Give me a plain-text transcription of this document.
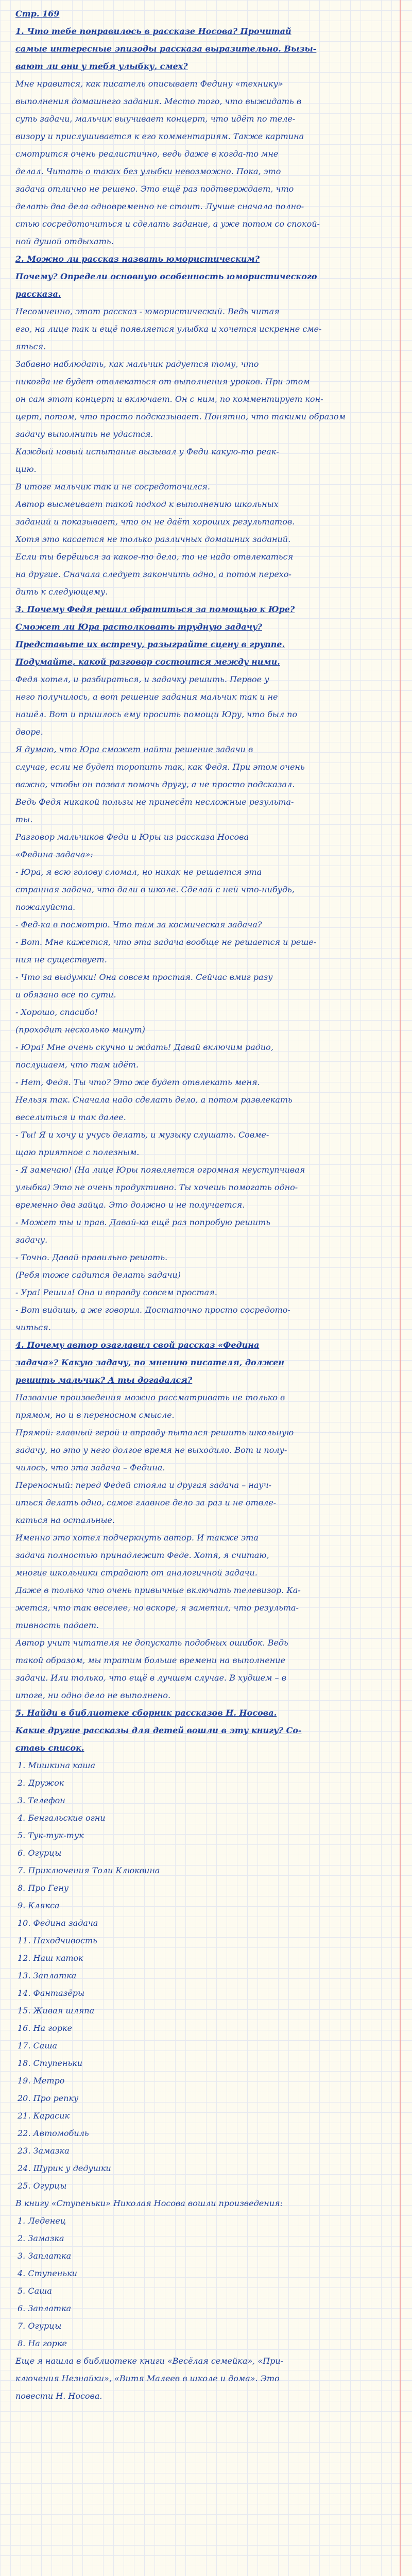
Стр. 169
1. Что тебе понравилось в рассказе Носова? Прочитай
самые интересные эпизоды рассказа выразительно. Вызы-
вают ли они у тебя улыбку, смех?
Мне нравится, как писатель описывает Федину «технику»
выполнения домашнего задания. Место того, что выжидать в
суть задачи, мальчик выучивает концерт, что идёт по теле-
визору и прислушивается к его комментариям. Также картина
смотрится очень реалистично, ведь даже в когда-то мне
делал. Читать о таких без улыбки невозможно. Пока, это
задача отлично не решено. Это ещё раз подтверждает, что
делать два дела одновременно не стоит. Лучше сначала полно-
стью сосредоточиться и сделать задание, а уже потом со спокой-
ной душой отдыхать.
2. Можно ли рассказ назвать юмористическим?
Почему? Определи основную особенность юмористического
рассказа.
Несомненно, этот рассказ - юмористический. Ведь читая
его, на лице так и ещё появляется улыбка и хочется искренне сме-
яться.
Забавно наблюдать, как мальчик радуется тому, что
никогда не будет отвлекаться от выполнения уроков. При этом
он сам этот концерт и включает. Он с ним, по комментирует кон-
церт, потом, что просто подсказывает. Понятно, что такими образом
задачу выполнить не удастся.
Каждый новый испытание вызывал у Феди какую-то реак-
цию.
В итоге мальчик так и не сосредоточился.
Автор высмеивает такой подход к выполнению школьных
заданий и показывает, что он не даёт хороших результатов.
Хотя это касается не только различных домашних заданий.
Если ты берёшься за какое-то дело, то не надо отвлекаться
на другие. Сначала следует закончить одно, а потом перехо-
дить к следующему.
3. Почему Федя решил обратиться за помощью к Юре?
Сможет ли Юра растолковать трудную задачу?
Представьте их встречу, разыграйте сцену в группе.
Подумайте, какой разговор состоится между ними.
Федя хотел, и разбираться, и задачку решить. Первое у
него получилось, а вот решение задания мальчик так и не
нашёл. Вот и пришлось ему просить помощи Юру, что был по
дворе.
Я думаю, что Юра сможет найти решение задачи в
случае, если не будет торопить так, как Федя. При этом очень
важно, чтобы он позвал помочь другу, а не просто подсказал.
Ведь Федя никакой пользы не принесёт несложные результа-
ты.
Разговор мальчиков Феди и Юры из рассказа Носова
«Федина задача»:
- Юра, я всю голову сломал, но никак не решается эта
странная задача, что дали в школе. Сделай с ней что-нибудь,
пожалуйста.
- Фед-ка в посмотрю. Что там за космическая задача?
- Вот. Мне кажется, что эта задача вообще не решается и реше-
ния не существует.
- Что за выдумки! Она совсем простая. Сейчас вмиг разу
и обязано все по сути.
- Хорошо, спасибо!
(проходит несколько минут)
- Юра! Мне очень скучно и ждать! Давай включим радио,
послушаем, что там идёт.
- Нет, Федя. Ты что? Это же будет отвлекать меня.
Нельзя так. Сначала надо сделать дело, а потом развлекать
веселиться и так далее.
- Ты! Я и хочу и учусь делать, и музыку слушать. Совме-
щаю приятное с полезным.
- Я замечаю! (На лице Юры появляется огромная неуступчивая
улыбка) Это не очень продуктивно. Ты хочешь помогать одно-
временно два зайца. Это должно и не получается.
- Может ты и прав. Давай-ка ещё раз попробую решить
задачу.
- Точно. Давай правильно решать.
(Ребя тоже садится делать задачи)
- Ура! Решил! Она и вправду совсем простая.
- Вот видишь, а же говорил. Достаточно просто сосредото-
читься.
4. Почему автор озаглавил свой рассказ «Федина
задача»? Какую задачу, по мнению писателя, должен
решить мальчик? А ты догадался?
Название произведения можно рассматривать не только в
прямом, но и в переносном смысле.
Прямой: главный герой и вправду пытался решить школьную
задачу, но это у него долгое время не выходило. Вот и полу-
чилось, что эта задача – Федина.
Переносный: перед Федей стояла и другая задача – науч-
иться делать одно, самое главное дело за раз и не отвле-
каться на остальные.
Именно это хотел подчеркнуть автор. И также эта
задача полностью принадлежит Феде. Хотя, я считаю,
многие школьники страдают от аналогичной задачи.
Даже в только что очень привычные включать телевизор. Ка-
жется, что так веселее, но вскоре, я заметил, что результа-
тивность падает.
Автор учит читателя не допускать подобных ошибок. Ведь
такой образом, мы тратим больше времени на выполнение
задачи. Или только, что ещё в лучшем случае. В худшем – в
итоге, ни одно дело не выполнено.
5. Найди в библиотеке сборник рассказов Н. Носова.
Какие другие рассказы для детей вошли в эту книгу? Со-
ставь список.
1. Мишкина каша
2. Дружок
3. Телефон
4. Бенгальские огни
5. Тук-тук-тук
6. Огурцы
7. Приключения Толи Клюквина
8. Про Гену
9. Клякса
10. Федина задача
11. Находчивость
12. Наш каток
13. Заплатка
14. Фантазёры
15. Живая шляпа
16. На горке
17. Саша
18. Ступеньки
19. Метро
20. Про репку
21. Карасик
22. Автомобиль
23. Замазка
24. Шурик у дедушки
25. Огурцы
В книгу «Ступеньки» Николая Носова вошли произведения:
1. Леденец
2. Замазка
3. Заплатка
4. Ступеньки
5. Саша
6. Заплатка
7. Огурцы
8. На горке
Еще я нашла в библиотеке книги «Весёлая семейка», «При-
ключения Незнайки», «Витя Малеев в школе и дома». Это
повести Н. Носова.
